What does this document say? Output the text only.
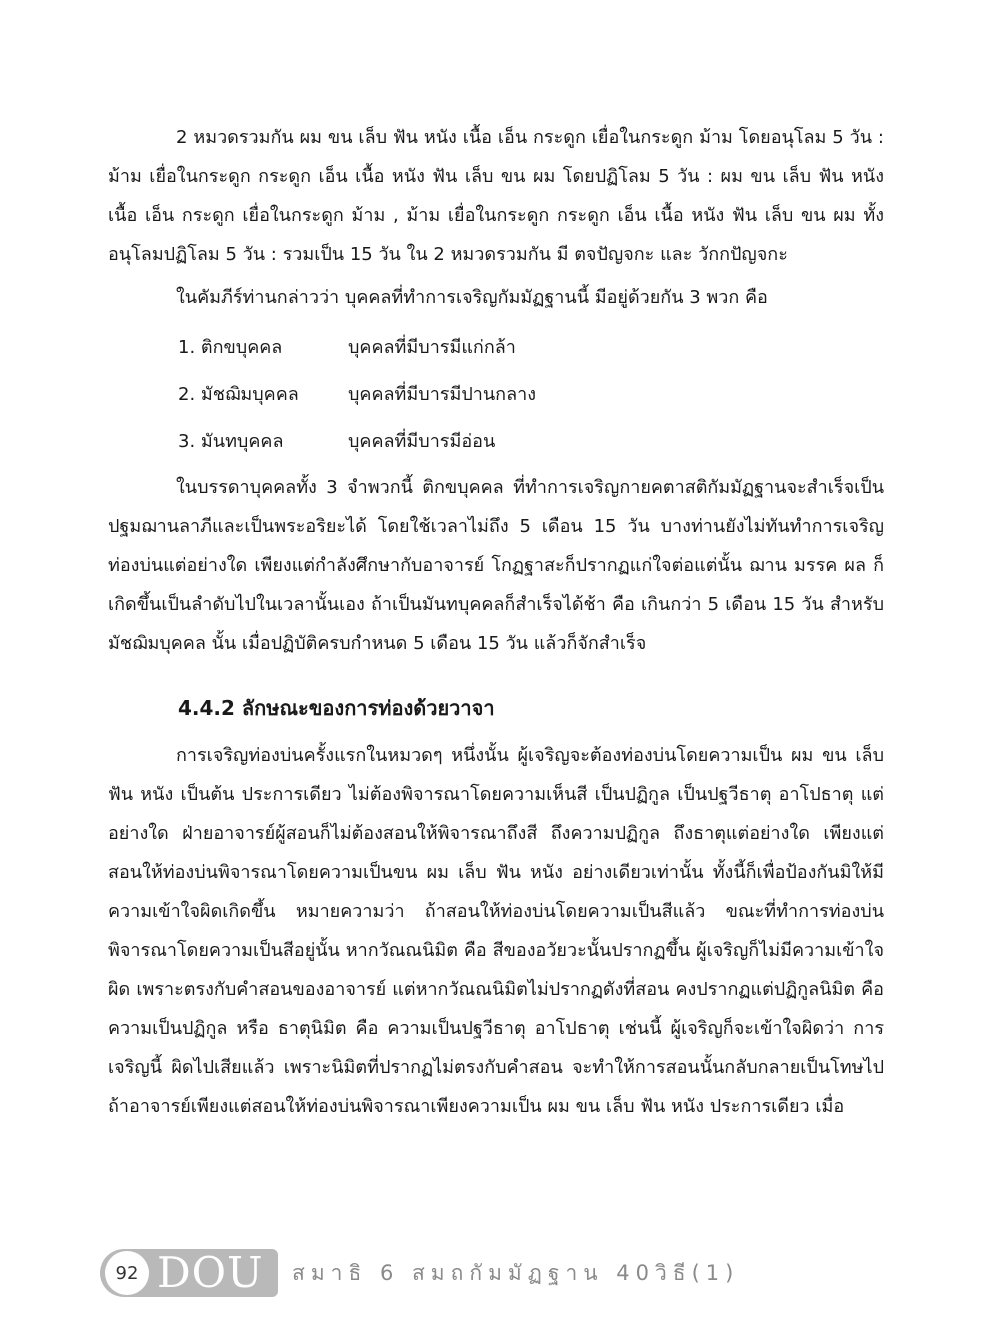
2 หมวดรวมกัน ผม ขน เล็บ ฟัน หนัง เนื้อ เอ็น กระดูก เยื่อในกระดูก ม้าม โดยอนุโลม 5 วัน : ม้าม เยื่อในกระดูก กระดูก เอ็น เนื้อ หนัง ฟัน เล็บ ขน ผม โดยปฏิโลม 5 วัน : ผม ขน เล็บ ฟัน หนัง เนื้อ เอ็น กระดูก เยื่อในกระดูก ม้าม , ม้าม เยื่อในกระดูก กระดูก เอ็น เนื้อ หนัง ฟัน เล็บ ขน ผม ทั้งอนุโลมปฏิโลม 5 วัน : รวมเป็น 15 วัน ใน 2 หมวดรวมกัน มี ตจปัญจกะ และ วักกปัญจกะ

ในคัมภีร์ท่านกล่าวว่า บุคคลที่ทำการเจริญกัมมัฏฐานนี้ มีอยู่ด้วยกัน 3 พวก คือ

1. ติกขบุคคล	บุคคลที่มีบารมีแก่กล้า
2. มัชฌิมบุคคล	บุคคลที่มีบารมีปานกลาง
3. มันทบุคคล	บุคคลที่มีบารมีอ่อน

ในบรรดาบุคคลทั้ง 3 จำพวกนี้ ติกขบุคคล ที่ทำการเจริญกายคตาสติกัมมัฏฐานจะสำเร็จเป็นปฐมฌานลาภีและเป็นพระอริยะได้ โดยใช้เวลาไม่ถึง 5 เดือน 15 วัน บางท่านยังไม่ทันทำการเจริญท่องบ่นแต่อย่างใด เพียงแต่กำลังศึกษากับอาจารย์ โกฏฐาสะก็ปรากฏแก่ใจต่อแต่นั้น ฌาน มรรค ผล ก็เกิดขึ้นเป็นลำดับไปในเวลานั้นเอง ถ้าเป็นมันทบุคคลก็สำเร็จได้ช้า คือ เกินกว่า 5 เดือน 15 วัน สำหรับ มัชฌิมบุคคล นั้น เมื่อปฏิบัติครบกำหนด 5 เดือน 15 วัน แล้วก็จักสำเร็จ

4.4.2 ลักษณะของการท่องด้วยวาจา

การเจริญท่องบ่นครั้งแรกในหมวดๆ หนึ่งนั้น ผู้เจริญจะต้องท่องบ่นโดยความเป็น ผม ขน เล็บ ฟัน หนัง เป็นต้น ประการเดียว ไม่ต้องพิจารณาโดยความเห็นสี เป็นปฏิกูล เป็นปฐวีธาตุ อาโปธาตุ แต่อย่างใด ฝ่ายอาจารย์ผู้สอนก็ไม่ต้องสอนให้พิจารณาถึงสี ถึงความปฏิกูล ถึงธาตุแต่อย่างใด เพียงแต่สอนให้ท่องบ่นพิจารณาโดยความเป็นขน ผม เล็บ ฟัน หนัง อย่างเดียวเท่านั้น ทั้งนี้ก็เพื่อป้องกันมิให้มีความเข้าใจผิดเกิดขึ้น หมายความว่า ถ้าสอนให้ท่องบ่นโดยความเป็นสีแล้ว ขณะที่ทำการท่องบ่นพิจารณาโดยความเป็นสีอยู่นั้น หากวัณณนิมิต คือ สีของอวัยวะนั้นปรากฏขึ้น ผู้เจริญก็ไม่มีความเข้าใจผิด เพราะตรงกับคำสอนของอาจารย์ แต่หากวัณณนิมิตไม่ปรากฏดังที่สอน คงปรากฏแต่ปฏิกูลนิมิต คือ ความเป็นปฏิกูล หรือ ธาตุนิมิต คือ ความเป็นปฐวีธาตุ อาโปธาตุ เช่นนี้ ผู้เจริญก็จะเข้าใจผิดว่า การเจริญนี้ ผิดไปเสียแล้ว เพราะนิมิตที่ปรากฏไม่ตรงกับคำสอน จะทำให้การสอนนั้นกลับกลายเป็นโทษไป ถ้าอาจารย์เพียงแต่สอนให้ท่องบ่นพิจารณาเพียงความเป็น ผม ขน เล็บ ฟัน หนัง ประการเดียว เมื่อ

92 DOU สมาธิ 6 สมถกัมมัฏฐาน 40วิธี(1)
